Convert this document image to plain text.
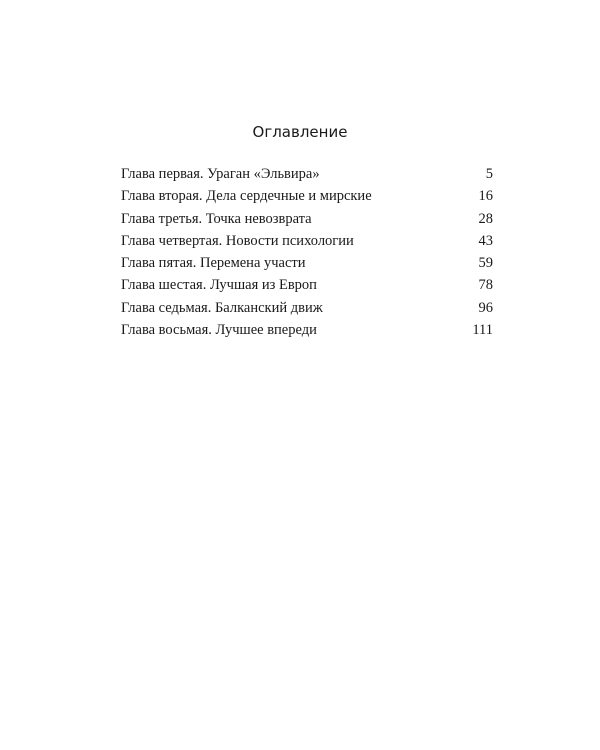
Оглавление
Глава первая. Ураган «Эльвира»	5
Глава вторая. Дела сердечные и мирские	16
Глава третья. Точка невозврата	28
Глава четвертая. Новости психологии	43
Глава пятая. Перемена участи	59
Глава шестая. Лучшая из Европ	78
Глава седьмая. Балканский движ	96
Глава восьмая. Лучшее впереди	111
